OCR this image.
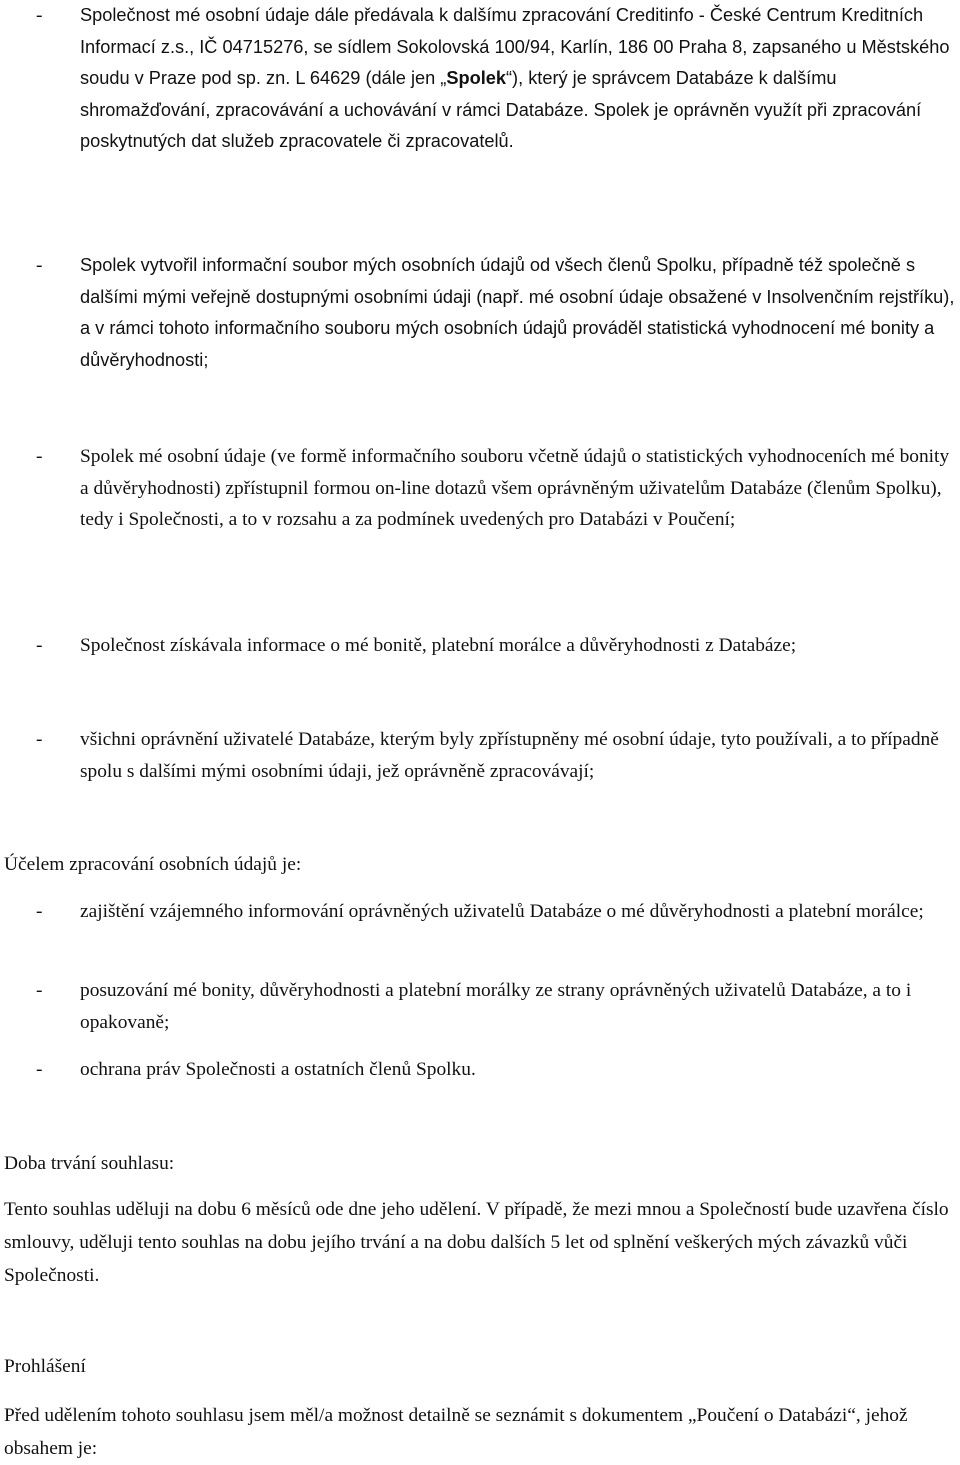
- Společnost mé osobní údaje dále předávala k dalšímu zpracování Creditinfo - České Centrum Kreditních Informací z.s., IČ 04715276, se sídlem Sokolovská 100/94, Karlín, 186 00 Praha 8, zapsaného u Městského soudu v Praze pod sp. zn. L 64629 (dále jen „Spolek“), který je správcem Databáze k dalšímu shromažďování, zpracovávání a uchovávání v rámci Databáze. Spolek je oprávněn využít při zpracování poskytnutých dat služeb zpracovatele či zpracovatelů.
- Spolek vytvořil informační soubor mých osobních údajů od všech členů Spolku, případně též společně s dalšími mými veřejně dostupnými osobními údaji (např. mé osobní údaje obsažené v Insolvenčním rejstříku), a v rámci tohoto informačního souboru mých osobních údajů prováděl statistická vyhodnocení mé bonity a důvěryhodnosti;
- Spolek mé osobní údaje (ve formě informačního souboru včetně údajů o statistických vyhodnoceních mé bonity a důvěryhodnosti) zpřístupnil formou on-line dotazů všem oprávněným uživatelům Databáze (členům Spolku), tedy i Společnosti, a to v rozsahu a za podmínek uvedených pro Databázi v Poučení;
- Společnost získávala informace o mé bonitě, platební morálce a důvěryhodnosti z Databáze;
- všichni oprávnění uživatelé Databáze, kterým byly zpřístupněny mé osobní údaje, tyto používali, a to případně spolu s dalšími mými osobními údaji, jež oprávněně zpracovávají;
Účelem zpracování osobních údajů je:
- zajištění vzájemného informování oprávněných uživatelů Databáze o mé důvěryhodnosti a platební morálce;
- posuzování mé bonity, důvěryhodnosti a platební morálky ze strany oprávněných uživatelů Databáze, a to i opakovaně;
- ochrana práv Společnosti a ostatních členů Spolku.
Doba trvání souhlasu:
Tento souhlas uděluji na dobu 6 měsíců ode dne jeho udělení. V případě, že mezi mnou a Společností bude uzavřena číslo smlouvy, uděluji tento souhlas na dobu jejího trvání a na dobu dalších 5 let od splnění veškerých mých závazků vůči Společnosti.
Prohlášení
Před udělením tohoto souhlasu jsem měl/a možnost detailně se seznámit s dokumentem „Poučení o Databázi“, jehož obsahem je:
